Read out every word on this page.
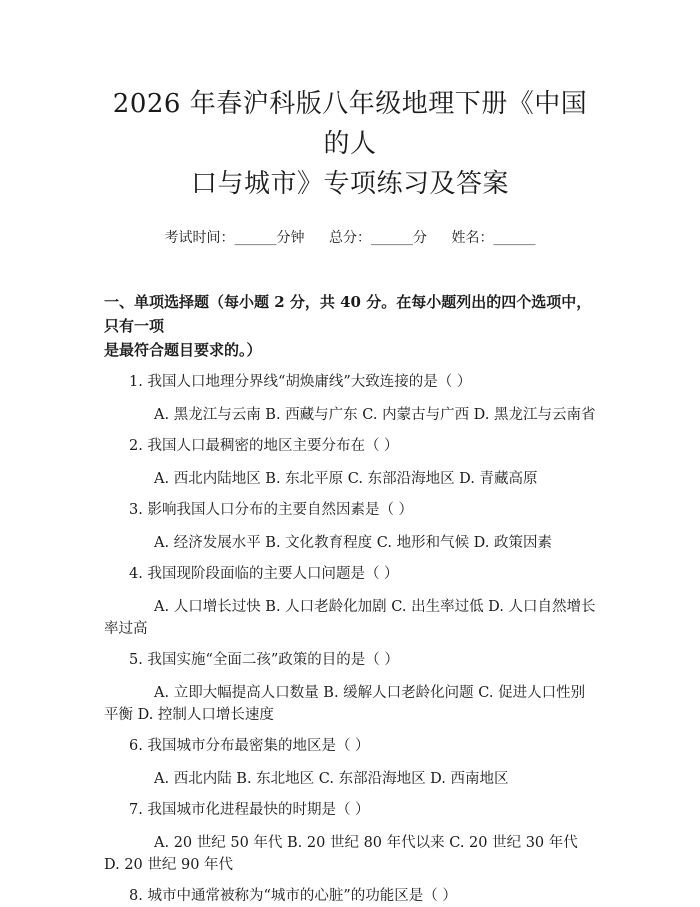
2026 年春沪科版八年级地理下册《中国的人
口与城市》专项练习及答案
考试时间：______分钟 总分：______分 姓名：______
一、单项选择题（每小题 2 分，共 40 分。在每小题列出的四个选项中，只有一项
是最符合题目要求的。）
1. 我国人口地理分界线“胡焕庸线”大致连接的是（ ）
A. 黑龙江与云南 B. 西藏与广东 C. 内蒙古与广西 D. 黑龙江与云南省
2. 我国人口最稠密的地区主要分布在（ ）
A. 西北内陆地区 B. 东北平原 C. 东部沿海地区 D. 青藏高原
3. 影响我国人口分布的主要自然因素是（ ）
A. 经济发展水平 B. 文化教育程度 C. 地形和气候 D. 政策因素
4. 我国现阶段面临的主要人口问题是（ ）
A. 人口增长过快 B. 人口老龄化加剧 C. 出生率过低 D. 人口自然增长率过高
5. 我国实施“全面二孩”政策的目的是（ ）
A. 立即大幅提高人口数量 B. 缓解人口老龄化问题 C. 促进人口性别平衡 D. 控制人口增长速度
6. 我国城市分布最密集的地区是（ ）
A. 西北内陆 B. 东北地区 C. 东部沿海地区 D. 西南地区
7. 我国城市化进程最快的时期是（ ）
A. 20 世纪 50 年代 B. 20 世纪 80 年代以来 C. 20 世纪 30 年代 D. 20 世纪 90 年代
8. 城市中通常被称为“城市的心脏”的功能区是（ ）
